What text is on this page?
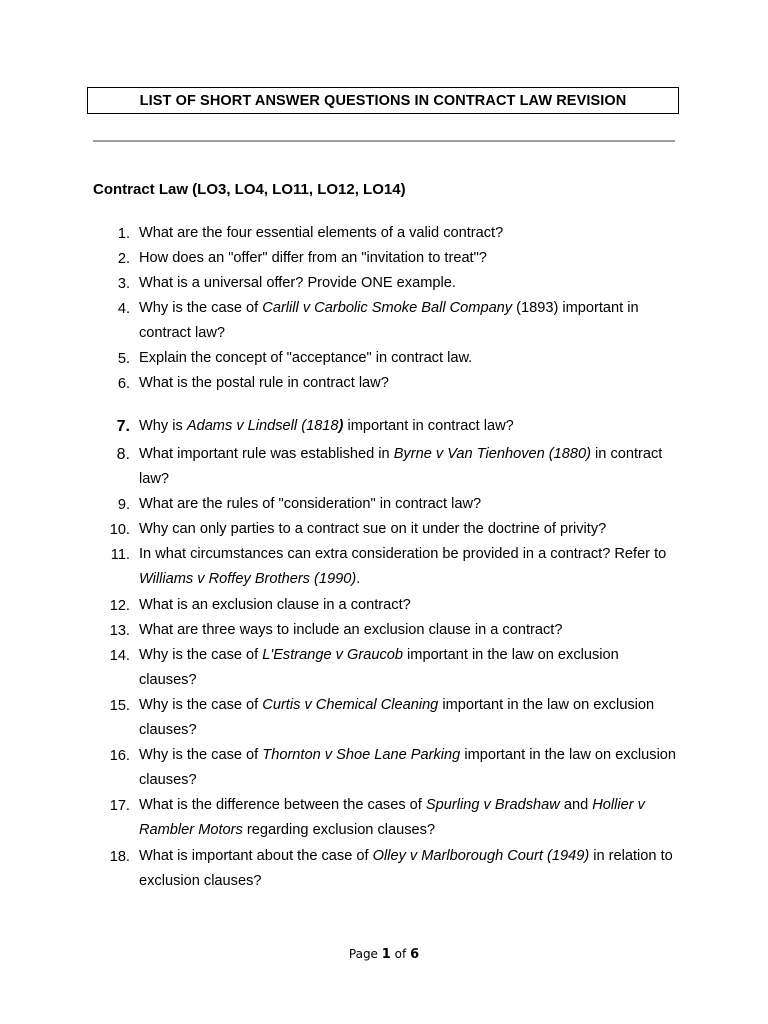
LIST OF SHORT ANSWER QUESTIONS IN CONTRACT LAW REVISION
Contract Law (LO3, LO4, LO11, LO12, LO14)
1. What are the four essential elements of a valid contract?
2. How does an "offer" differ from an "invitation to treat"?
3. What is a universal offer? Provide ONE example.
4. Why is the case of Carlill v Carbolic Smoke Ball Company (1893) important in contract law?
5. Explain the concept of "acceptance" in contract law.
6. What is the postal rule in contract law?
7. Why is Adams v Lindsell (1818) important in contract law?
8. What important rule was established in Byrne v Van Tienhoven (1880) in contract law?
9. What are the rules of "consideration" in contract law?
10. Why can only parties to a contract sue on it under the doctrine of privity?
11. In what circumstances can extra consideration be provided in a contract? Refer to Williams v Roffey Brothers (1990).
12. What is an exclusion clause in a contract?
13. What are three ways to include an exclusion clause in a contract?
14. Why is the case of L'Estrange v Graucob important in the law on exclusion clauses?
15. Why is the case of Curtis v Chemical Cleaning important in the law on exclusion clauses?
16. Why is the case of Thornton v Shoe Lane Parking important in the law on exclusion clauses?
17. What is the difference between the cases of Spurling v Bradshaw and Hollier v Rambler Motors regarding exclusion clauses?
18. What is important about the case of Olley v Marlborough Court (1949) in relation to exclusion clauses?
Page 1 of 6
